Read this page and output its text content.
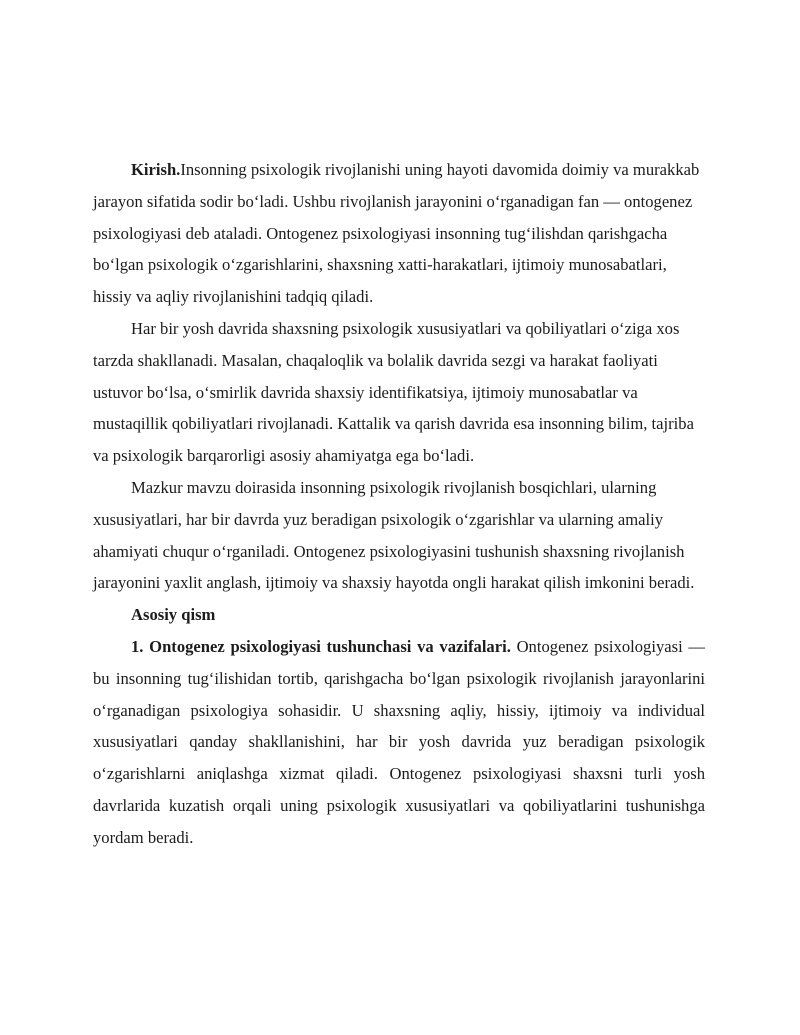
Kirish.Insonning psixologik rivojlanishi uning hayoti davomida doimiy va murakkab jarayon sifatida sodir bo‘ladi. Ushbu rivojlanish jarayonini o‘rganadigan fan — ontogenez psixologiyasi deb ataladi. Ontogenez psixologiyasi insonning tug‘ilishdan qarishgacha bo‘lgan psixologik o‘zgarishlarini, shaxsning xatti-harakatlari, ijtimoiy munosabatlari, hissiy va aqliy rivojlanishini tadqiq qiladi.

Har bir yosh davrida shaxsning psixologik xususiyatlari va qobiliyatlari o‘ziga xos tarzda shakllanadi. Masalan, chaqaloqlik va bolalik davrida sezgi va harakat faoliyati ustuvor bo‘lsa, o‘smirlik davrida shaxsiy identifikatsiya, ijtimoiy munosabatlar va mustaqillik qobiliyatlari rivojlanadi. Kattalik va qarish davrida esa insonning bilim, tajriba va psixologik barqarorligi asosiy ahamiyatga ega bo‘ladi.

Mazkur mavzu doirasida insonning psixologik rivojlanish bosqichlari, ularning xususiyatlari, har bir davrda yuz beradigan psixologik o‘zgarishlar va ularning amaliy ahamiyati chuqur o‘rganiladi. Ontogenez psixologiyasini tushunish shaxsning rivojlanish jarayonini yaxlit anglash, ijtimoiy va shaxsiy hayotda ongli harakat qilish imkonini beradi.

Asosiy qism

1. Ontogenez psixologiyasi tushunchasi va vazifalari. Ontogenez psixologiyasi — bu insonning tug‘ilishidan tortib, qarishgacha bo‘lgan psixologik rivojlanish jarayonlarini o‘rganadigan psixologiya sohasidir. U shaxsning aqliy, hissiy, ijtimoiy va individual xususiyatlari qanday shakllanishini, har bir yosh davrida yuz beradigan psixologik o‘zgarishlarni aniqlashga xizmat qiladi. Ontogenez psixologiyasi shaxsni turli yosh davrlarida kuzatish orqali uning psixologik xususiyatlari va qobiliyatlarini tushunishga yordam beradi.
